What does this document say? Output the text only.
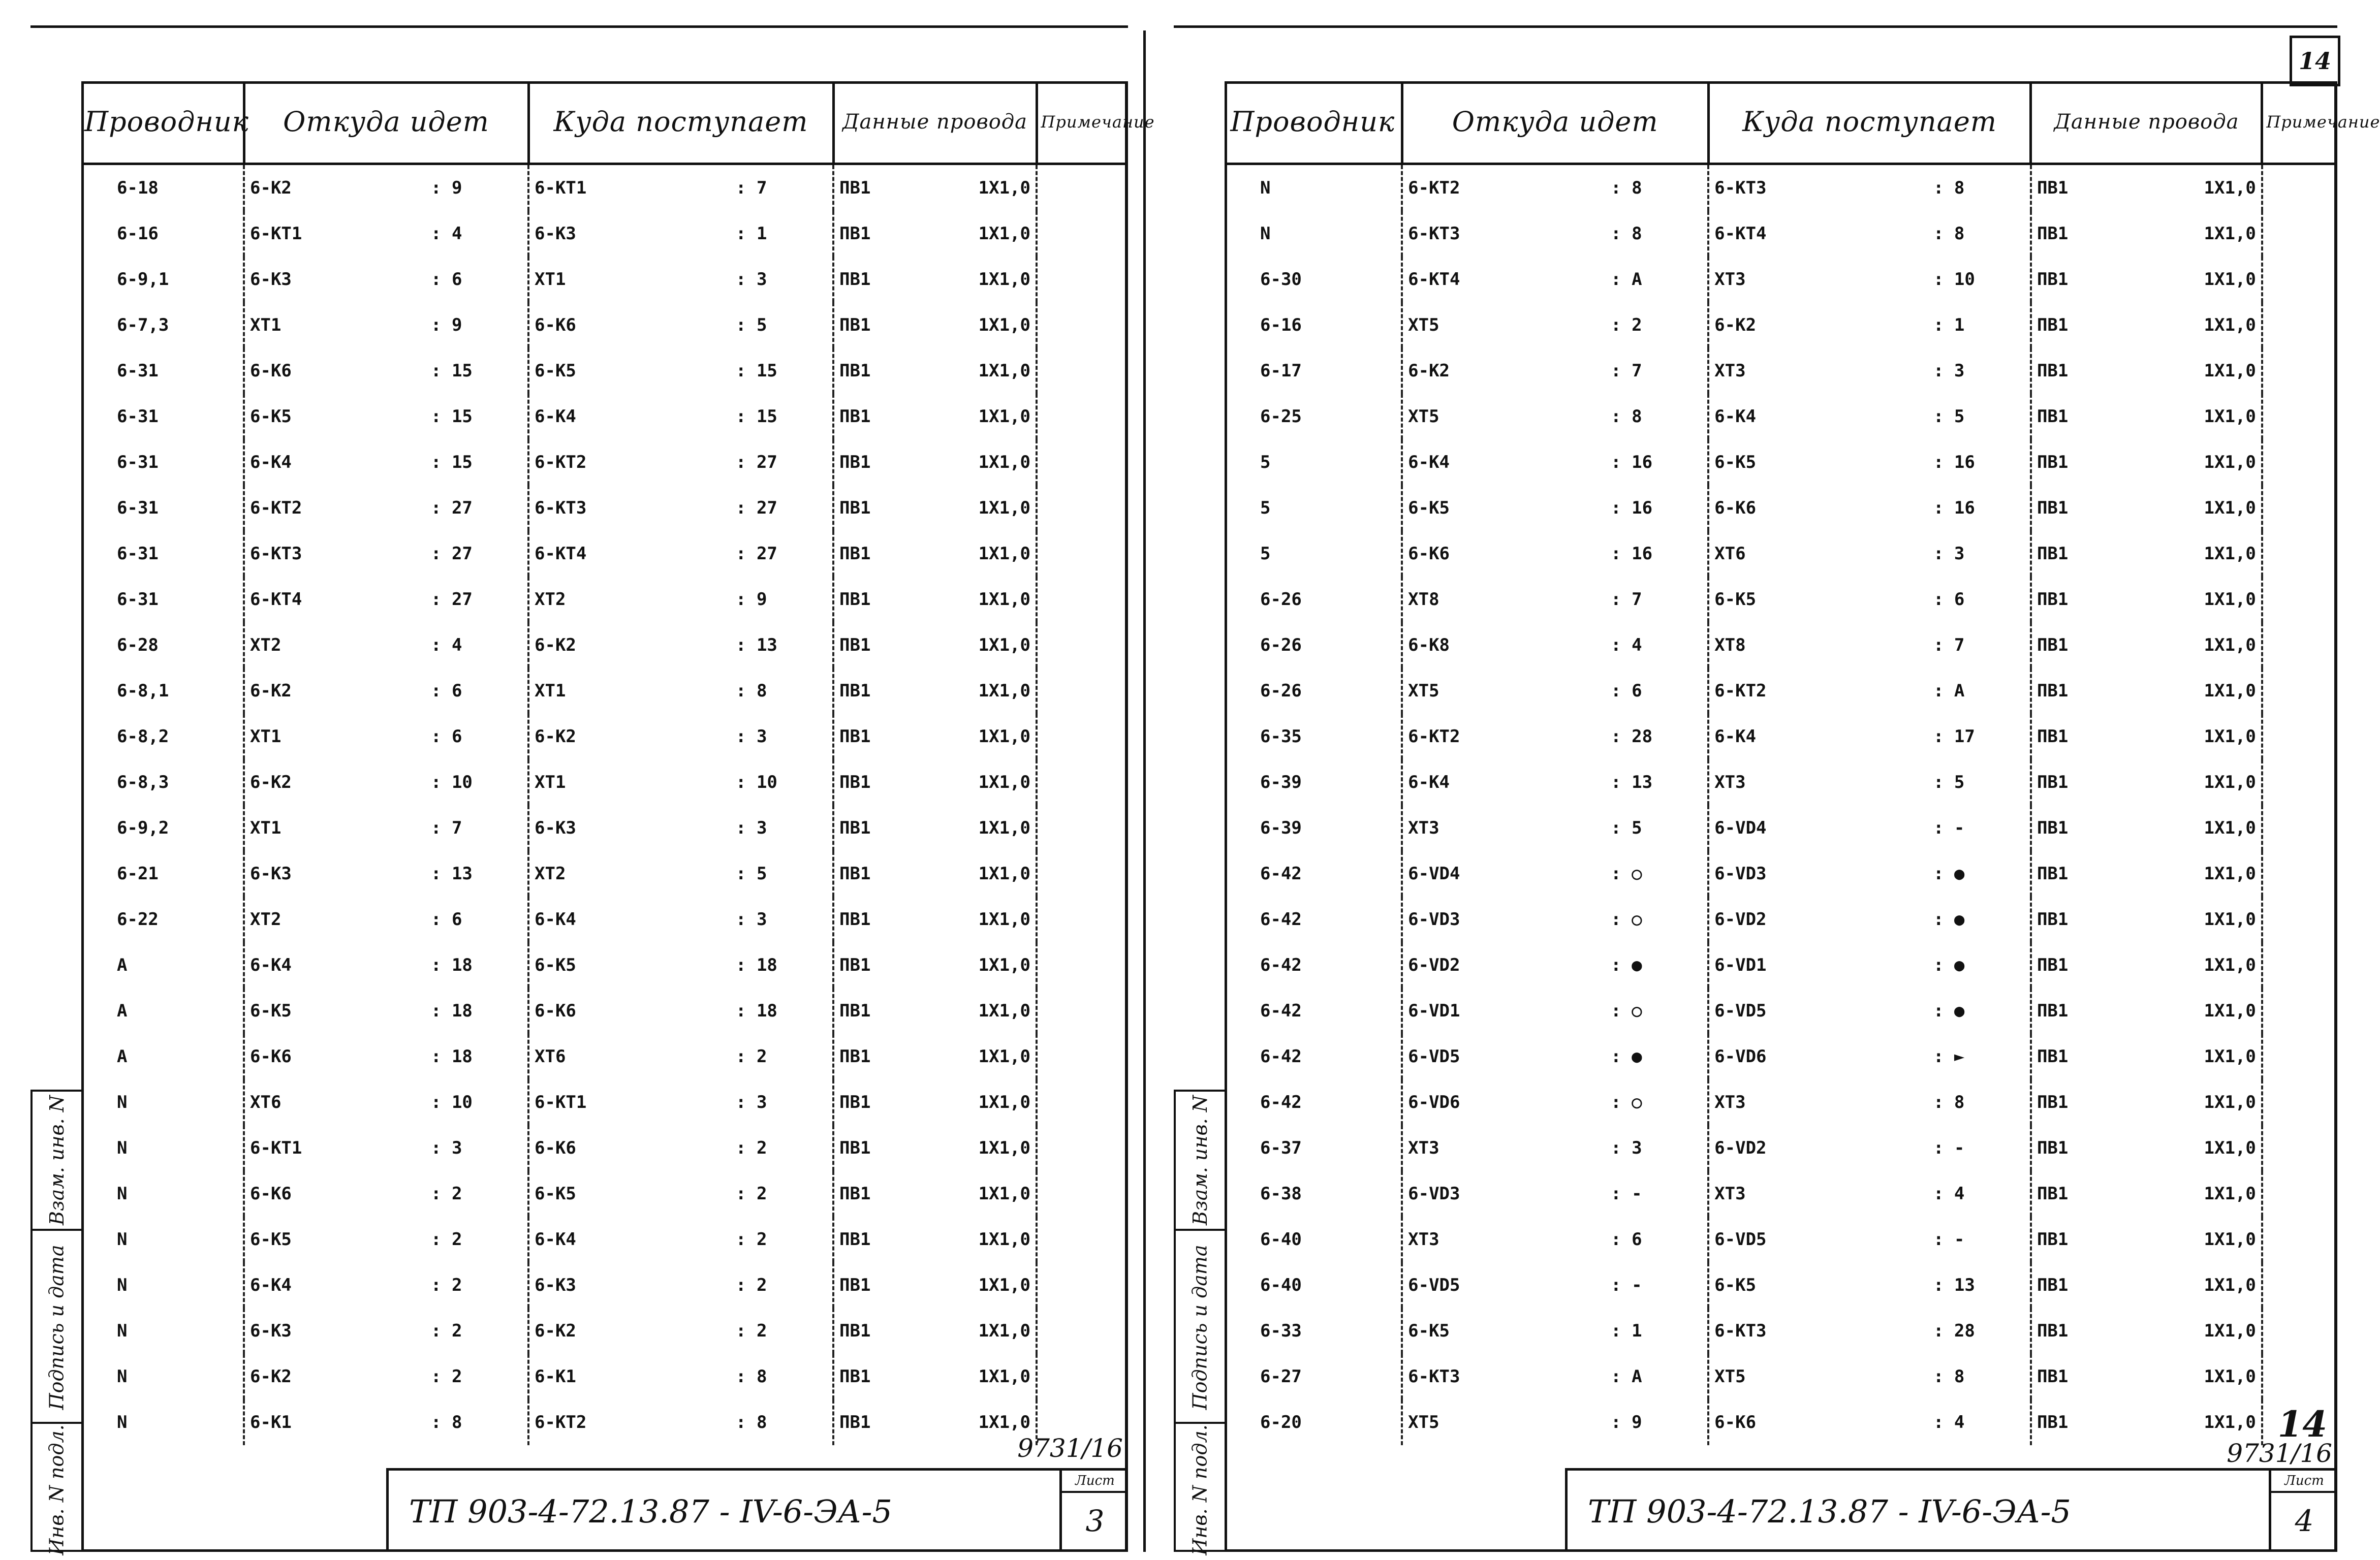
Взам. инв. N
Подпись и дата
Инв. N подл.
Проводник	Откуда идет	Куда поступает	Данные провода	Примечание
6-18	6-K2 : 9	6-KT1 : 7	ПВ1 1X1,0	

6-16	6-KT1 : 4	6-K3 : 1	ПВ1 1X1,0	

6-9,1	6-K3 : 6	XT1 : 3	ПВ1 1X1,0	

6-7,3	XT1 : 9	6-K6 : 5	ПВ1 1X1,0	

6-31	6-K6 : 15	6-K5 : 15	ПВ1 1X1,0	

6-31	6-K5 : 15	6-K4 : 15	ПВ1 1X1,0	

6-31	6-K4 : 15	6-KT2 : 27	ПВ1 1X1,0	

6-31	6-KT2 : 27	6-KT3 : 27	ПВ1 1X1,0	

6-31	6-KT3 : 27	6-KT4 : 27	ПВ1 1X1,0	

6-31	6-KT4 : 27	XT2 : 9	ПВ1 1X1,0	

6-28	XT2 : 4	6-K2 : 13	ПВ1 1X1,0	

6-8,1	6-K2 : 6	XT1 : 8	ПВ1 1X1,0	

6-8,2	XT1 : 6	6-K2 : 3	ПВ1 1X1,0	

6-8,3	6-K2 : 10	XT1 : 10	ПВ1 1X1,0	

6-9,2	XT1 : 7	6-K3 : 3	ПВ1 1X1,0	

6-21	6-K3 : 13	XT2 : 5	ПВ1 1X1,0	

6-22	XT2 : 6	6-K4 : 3	ПВ1 1X1,0	

A	6-K4 : 18	6-K5 : 18	ПВ1 1X1,0	

A	6-K5 : 18	6-K6 : 18	ПВ1 1X1,0	

A	6-K6 : 18	XT6 : 2	ПВ1 1X1,0	

N	XT6 : 10	6-KT1 : 3	ПВ1 1X1,0	

N	6-KT1 : 3	6-K6 : 2	ПВ1 1X1,0	

N	6-K6 : 2	6-K5 : 2	ПВ1 1X1,0	

N	6-K5 : 2	6-K4 : 2	ПВ1 1X1,0	

N	6-K4 : 2	6-K3 : 2	ПВ1 1X1,0	

N	6-K3 : 2	6-K2 : 2	ПВ1 1X1,0	

N	6-K2 : 2	6-K1 : 8	ПВ1 1X1,0	

N	6-K1 : 8	6-KT2 : 8	ПВ1 1X1,0	

9731/16
ТП 903-4-72.13.87 - IV-6-ЭА-5
Лист
3
14
Взам. инв. N
Подпись и дата
Инв. N подл.
Проводник	Откуда идет	Куда поступает	Данные провода	Примечание
N	6-KT2 : 8	6-KT3 : 8	ПВ1 1X1,0	

N	6-KT3 : 8	6-KT4 : 8	ПВ1 1X1,0	

6-30	6-KT4 : A	XT3 : 10	ПВ1 1X1,0	

6-16	XT5 : 2	6-K2 : 1	ПВ1 1X1,0	

6-17	6-K2 : 7	XT3 : 3	ПВ1 1X1,0	

6-25	XT5 : 8	6-K4 : 5	ПВ1 1X1,0	

5	6-K4 : 16	6-K5 : 16	ПВ1 1X1,0	

5	6-K5 : 16	6-K6 : 16	ПВ1 1X1,0	

5	6-K6 : 16	XT6 : 3	ПВ1 1X1,0	

6-26	XT8 : 7	6-K5 : 6	ПВ1 1X1,0	

6-26	6-K8 : 4	XT8 : 7	ПВ1 1X1,0	

6-26	XT5 : 6	6-KT2 : A	ПВ1 1X1,0	

6-35	6-KT2 : 28	6-K4 : 17	ПВ1 1X1,0	

6-39	6-K4 : 13	XT3 : 5	ПВ1 1X1,0	

6-39	XT3 : 5	6-VD4 : -	ПВ1 1X1,0	

6-42	6-VD4 : ○	6-VD3 : ●	ПВ1 1X1,0	

6-42	6-VD3 : ○	6-VD2 : ●	ПВ1 1X1,0	

6-42	6-VD2 : ●	6-VD1 : ●	ПВ1 1X1,0	

6-42	6-VD1 : ○	6-VD5 : ●	ПВ1 1X1,0	

6-42	6-VD5 : ●	6-VD6 : ►	ПВ1 1X1,0	

6-42	6-VD6 : ○	XT3 : 8	ПВ1 1X1,0	

6-37	XT3 : 3	6-VD2 : -	ПВ1 1X1,0	

6-38	6-VD3 : -	XT3 : 4	ПВ1 1X1,0	

6-40	XT3 : 6	6-VD5 : -	ПВ1 1X1,0	

6-40	6-VD5 : -	6-K5 : 13	ПВ1 1X1,0	

6-33	6-K5 : 1	6-KT3 : 28	ПВ1 1X1,0	

6-27	6-KT3 : A	XT5 : 8	ПВ1 1X1,0	

6-20	XT5 : 9	6-K6 : 4	ПВ1 1X1,0	
	14
9731/16
ТП 903-4-72.13.87 - IV-6-ЭА-5
Лист
4
